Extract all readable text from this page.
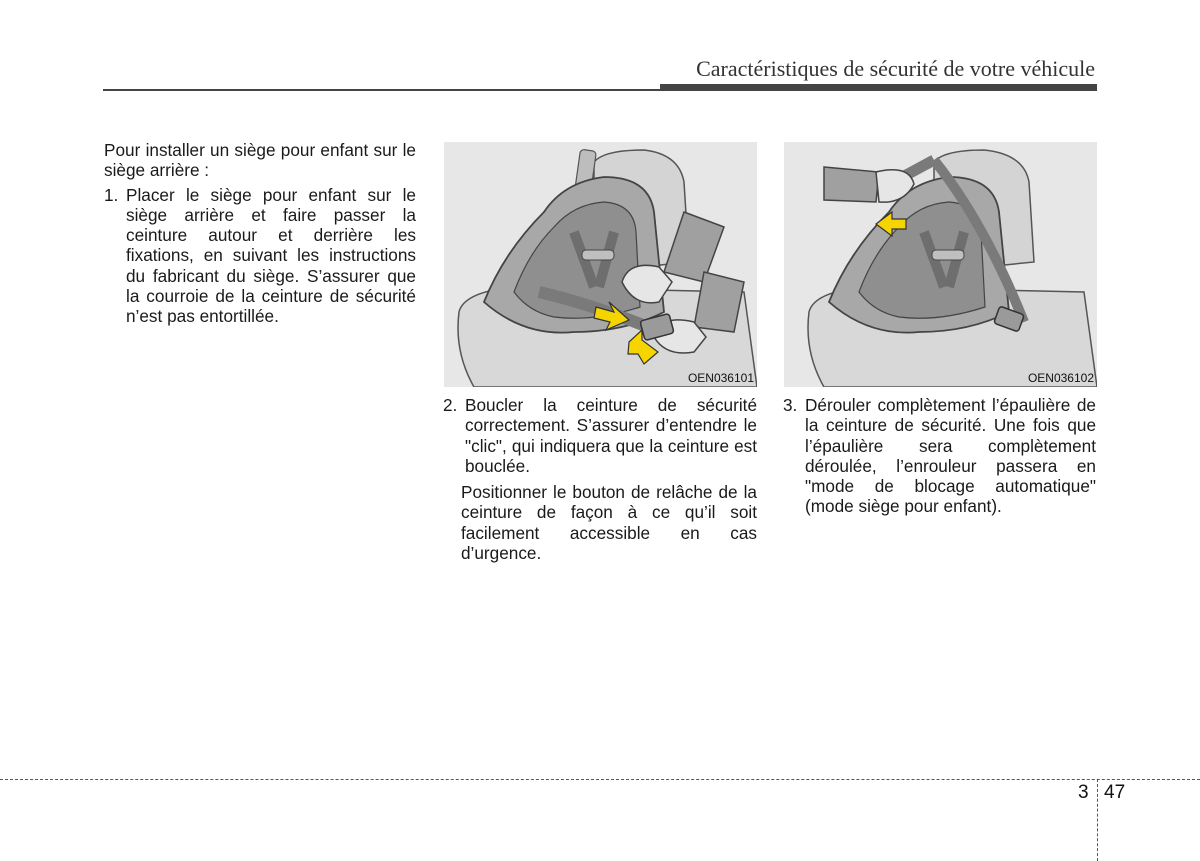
Caractéristiques de sécurité de votre véhicule

Pour installer un siège pour enfant sur le siège arrière :

1. Placer le siège pour enfant sur le siège arrière et faire passer la ceinture autour et derrière les fixations, en suivant les instructions du fabricant du siège. S’assurer que la courroie de la ceinture de sécurité n’est pas entortillée.
OEN036101
2. Boucler la ceinture de sécurité correctement. S’assurer d’entendre le "clic", qui indiquera que la ceinture est bouclée.

Positionner le bouton de relâche de la ceinture de façon à ce qu’il soit facilement accessible en cas d’urgence.

OEN036102
3. Dérouler complètement l’épaulière de la ceinture de sécurité. Une fois que l’épaulière sera complètement déroulée, l’enrouleur passera en "mode de blocage automatique" (mode siège pour enfant).
3 47
